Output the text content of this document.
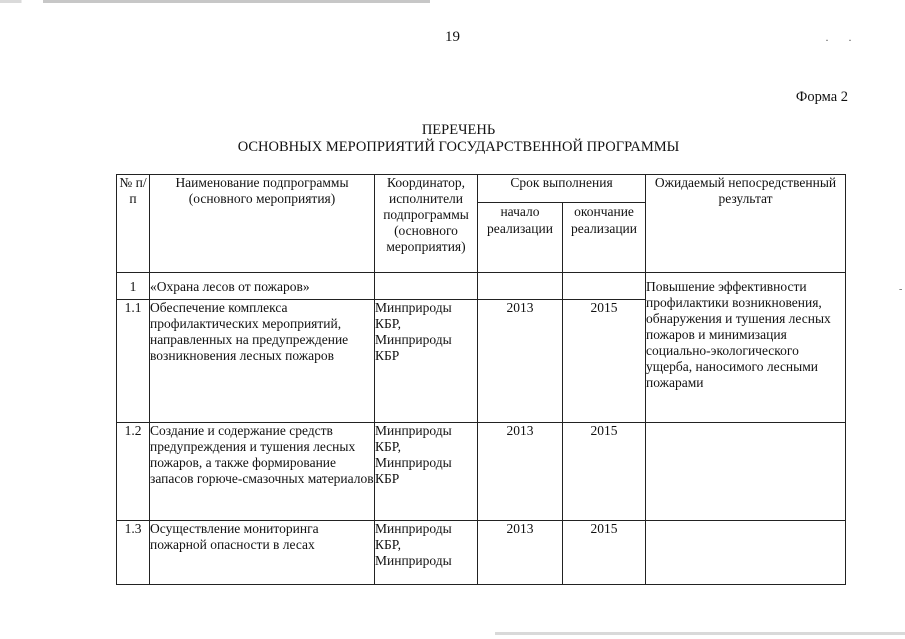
19	· ·
Форма 2
ПЕРЕЧЕНЬ
ОСНОВНЫХ МЕРОПРИЯТИЙ ГОСУДАРСТВЕННОЙ ПРОГРАММЫ
-
№ п/п	Наименование подпрограммы (основного мероприятия)	Координатор, исполнители подпрограммы (основного мероприятия)	Срок выполнения		Ожидаемый непосредственный результат
			начало реализации	окончание реализации	
1	«Охрана лесов от пожаров»				Повышение эффективности профилактики возникновения, обнаружения и тушения лесных пожаров и минимизация социально-экологического ущерба, наносимого лесными пожарами
1.1	Обеспечение комплекса профилактических мероприятий, направленных на предупреждение возникновения лесных пожаров	Минприроды КБР, Минприроды КБР	2013	2015	
1.2	Создание и содержание средств предупреждения и тушения лесных пожаров, а также формирование запасов горюче-смазочных материалов	Минприроды КБР, Минприроды КБР	2013	2015	
1.3	Осуществление мониторинга пожарной опасности в лесах	Минприроды КБР, Минприроды	2013	2015	
